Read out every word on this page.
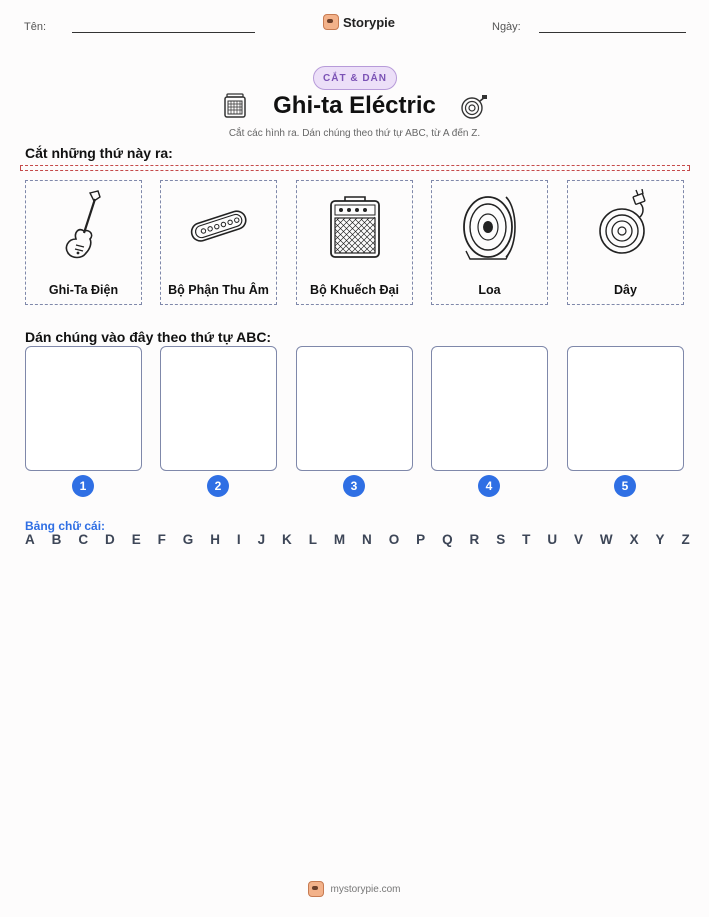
Tên:	Storypie	Ngày:
CẮT & DÁN
Ghi-ta Eléctric
Cắt các hình ra. Dán chúng theo thứ tự ABC, từ A đến Z.
Cắt những thứ này ra:
Ghi-Ta Điện	Bộ Phận Thu Âm	Bộ Khuếch Đại	Loa	Dây
Dán chúng vào đây theo thứ tự ABC:
1	2	3	4	5
Bảng chữ cái:
A B C D E F G H I J K L M N O P Q R S T U V W X Y Z
mystorypie.com
